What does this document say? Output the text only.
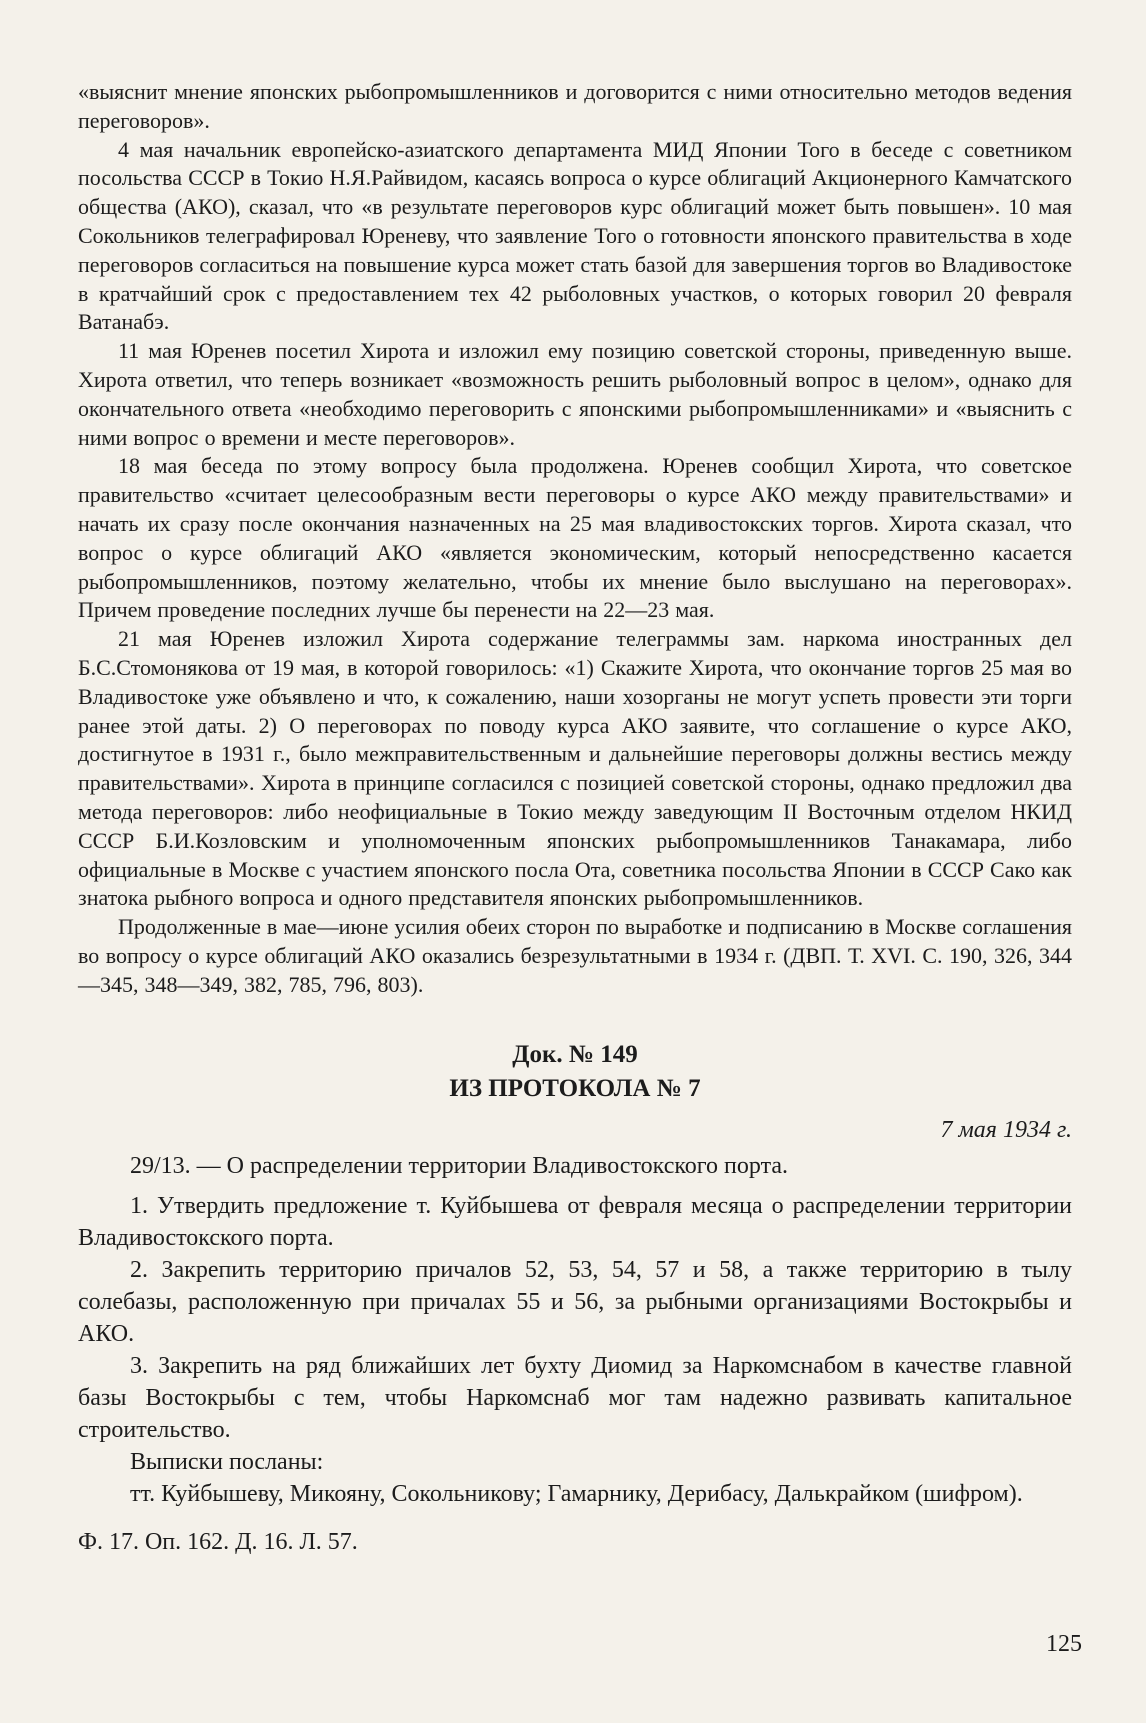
«выяснит мнение японских рыбопромышленников и договорится с ними относительно методов ведения переговоров».

4 мая начальник европейско-азиатского департамента МИД Японии Того в беседе с советником посольства СССР в Токио Н.Я.Райвидом, касаясь вопроса о курсе облигаций Акционерного Камчатского общества (АКО), сказал, что «в результате переговоров курс облигаций может быть повышен». 10 мая Сокольников телеграфировал Юреневу, что заявление Того о готовности японского правительства в ходе переговоров согласиться на повышение курса может стать базой для завершения торгов во Владивостоке в кратчайший срок с предоставлением тех 42 рыболовных участков, о которых говорил 20 февраля Ватанабэ.

11 мая Юренев посетил Хирота и изложил ему позицию советской стороны, приведенную выше. Хирота ответил, что теперь возникает «возможность решить рыболовный вопрос в целом», однако для окончательного ответа «необходимо переговорить с японскими рыбопромышленниками» и «выяснить с ними вопрос о времени и месте переговоров».

18 мая беседа по этому вопросу была продолжена. Юренев сообщил Хирота, что советское правительство «считает целесообразным вести переговоры о курсе АКО между правительствами» и начать их сразу после окончания назначенных на 25 мая владивостокских торгов. Хирота сказал, что вопрос о курсе облигаций АКО «является экономическим, который непосредственно касается рыбопромышленников, поэтому желательно, чтобы их мнение было выслушано на переговорах». Причем проведение последних лучше бы перенести на 22—23 мая.

21 мая Юренев изложил Хирота содержание телеграммы зам. наркома иностранных дел Б.С.Стомонякова от 19 мая, в которой говорилось: «1) Скажите Хирота, что окончание торгов 25 мая во Владивостоке уже объявлено и что, к сожалению, наши хозорганы не могут успеть провести эти торги ранее этой даты. 2) О переговорах по поводу курса АКО заявите, что соглашение о курсе АКО, достигнутое в 1931 г., было межправительственным и дальнейшие переговоры должны вестись между правительствами». Хирота в принципе согласился с позицией советской стороны, однако предложил два метода переговоров: либо неофициальные в Токио между заведующим II Восточным отделом НКИД СССР Б.И.Козловским и уполномоченным японских рыбопромышленников Танакамара, либо официальные в Москве с участием японского посла Ота, советника посольства Японии в СССР Сако как знатока рыбного вопроса и одного представителя японских рыбопромышленников.

Продолженные в мае—июне усилия обеих сторон по выработке и подписанию в Москве соглашения во вопросу о курсе облигаций АКО оказались безрезультатными в 1934 г. (ДВП. Т. XVI. С. 190, 326, 344—345, 348—349, 382, 785, 796, 803).

Док. № 149

ИЗ ПРОТОКОЛА № 7

7 мая 1934 г.

29/13. — О распределении территории Владивостокского порта.

1. Утвердить предложение т. Куйбышева от февраля месяца о распределении территории Владивостокского порта.

2. Закрепить территорию причалов 52, 53, 54, 57 и 58, а также территорию в тылу солебазы, расположенную при причалах 55 и 56, за рыбными организациями Востокрыбы и АКО.

3. Закрепить на ряд ближайших лет бухту Диомид за Наркомснабом в качестве главной базы Востокрыбы с тем, чтобы Наркомснаб мог там надежно развивать капитальное строительство.

Выписки посланы:

тт. Куйбышеву, Микояну, Сокольникову; Гамарнику, Дерибасу, Далькрайком (шифром).

Ф. 17. Оп. 162. Д. 16. Л. 57.

125
